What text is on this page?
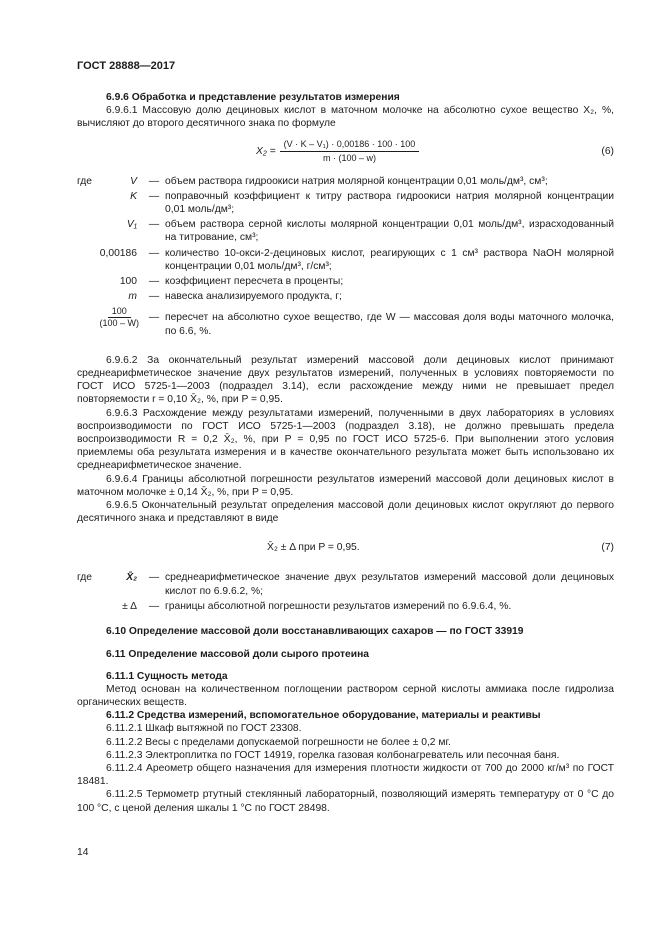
ГОСТ 28888—2017

6.9.6 Обработка и представление результатов измерения

6.9.6.1 Массовую долю дециновых кислот в маточном молочке на абсолютно сухое вещество X₂, %, вычисляют до второго десятичного знака по формуле

$X_2 = \frac{\text{(V · K – V₁) · 0,00186 · 100 · 100}}{m \cdot (100 - w)}$	(6)
где	V	— объем раствора гидроокиси натрия молярной концентрации 0,01 моль/дм³, см³;
K	— поправочный коэффициент к титру раствора гидроокиси натрия молярной концентрации 0,01 моль/дм³;
V₁	— объем раствора серной кислоты молярной концентрации 0,01 моль/дм³, израсходованный на титрование, см³;
0,00186	— количество 10-окси-2-дециновых кислот, реагирующих с 1 см³ раствора NaOH молярной концентрации 0,01 моль/дм³, г/см³;
100	— коэффициент пересчета в проценты;
m	— навеска анализируемого продукта, г;
$\frac{100}{(100 - W)}$ — пересчет на абсолютно сухое вещество, где W — массовая доля воды маточного молочка, по 6.6, %.

6.9.6.2 За окончательный результат измерений массовой доли дециновых кислот принимают среднеарифметическое значение двух результатов измерений, полученных в условиях повторяемости по ГОСТ ИСО 5725-1—2003 (подраздел 3.14), если расхождение между ними не превышает предел повторяемости r = 0,10 X̄₂, %, при P = 0,95.

6.9.6.3 Расхождение между результатами измерений, полученными в двух лабораториях в условиях воспроизводимости по ГОСТ ИСО 5725-1—2003 (подраздел 3.18), не должно превышать предела воспроизводимости R = 0,2 X̄₂, %, при P = 0,95 по ГОСТ ИСО 5725-6. При выполнении этого условия приемлемы оба результата измерения и в качестве окончательного результата может быть использовано их среднеарифметическое значение.

6.9.6.4 Границы абсолютной погрешности результатов измерений массовой доли дециновых кислот в маточном молочке ± 0,14 X̄₂, %, при P = 0,95.

6.9.6.5 Окончательный результат определения массовой доли дециновых кислот округляют до первого десятичного знака и представляют в виде

X̄₂ ± Δ при P = 0,95.	(7)
где	X̄₂	— среднеарифметическое значение двух результатов измерений массовой доли дециновых кислот по 6.9.6.2, %;
± Δ	— границы абсолютной погрешности результатов измерений по 6.9.6.4, %.

6.10 Определение массовой доли восстанавливающих сахаров — по ГОСТ 33919

6.11 Определение массовой доли сырого протеина

6.11.1 Сущность метода

Метод основан на количественном поглощении раствором серной кислоты аммиака после гидролиза органических веществ.

6.11.2 Средства измерений, вспомогательное оборудование, материалы и реактивы

6.11.2.1 Шкаф вытяжной по ГОСТ 23308.

6.11.2.2 Весы с пределами допускаемой погрешности не более ± 0,2 мг.

6.11.2.3 Электроплитка по ГОСТ 14919, горелка газовая колбонагреватель или песочная баня.

6.11.2.4 Ареометр общего назначения для измерения плотности жидкости от 700 до 2000 кг/м³ по ГОСТ 18481.

6.11.2.5 Термометр ртутный стеклянный лабораторный, позволяющий измерять температуру от 0 °С до 100 °С, с ценой деления шкалы 1 °С по ГОСТ 28498.

14
